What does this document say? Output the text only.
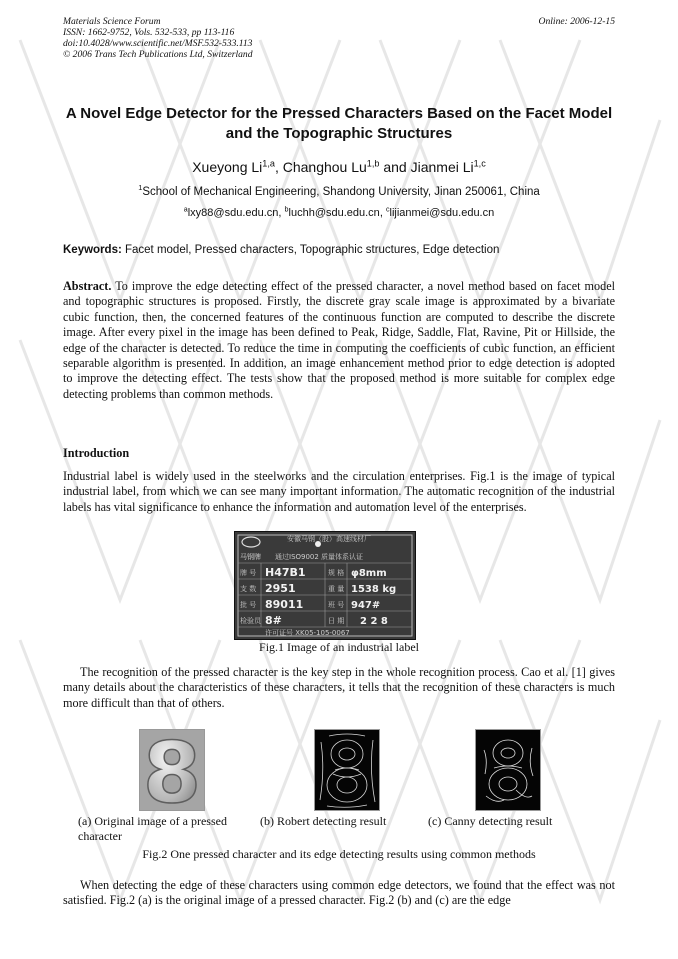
Materials Science Forum
ISSN: 1662-9752, Vols. 532-533, pp 113-116
doi:10.4028/www.scientific.net/MSF.532-533.113
© 2006 Trans Tech Publications Ltd, Switzerland
Online: 2006-12-15
A Novel Edge Detector for the Pressed Characters Based on the Facet Model and the Topographic Structures
Xueyong Li$^{1,a}$, Changhou Lu$^{1,b}$ and Jianmei Li$^{1,c}$
$^1$School of Mechanical Engineering, Shandong University, Jinan 250061, China
$^a$lxy88@sdu.edu.cn, $^b$luchh@sdu.edu.cn, $^c$lijianmei@sdu.edu.cn
Keywords: Facet model, Pressed characters, Topographic structures, Edge detection
Abstract. To improve the edge detecting effect of the pressed character, a novel method based on facet model and topographic structures is proposed. Firstly, the discrete gray scale image is approximated by a bivariate cubic function, then, the concerned features of the continuous function are computed to describe the discrete image. After every pixel in the image has been defined to Peak, Ridge, Saddle, Flat, Ravine, Pit or Hillside, the edge of the character is detected. To reduce the time in computing the coefficients of cubic function, an efficient separable algorithm is presented. In addition, an image enhancement method prior to edge detection is adopted to improve the detecting effect. The tests show that the proposed method is more suitable for complex edge detecting problems than common methods.
Introduction
Industrial label is widely used in the steelworks and the circulation enterprises. Fig.1 is the image of typical industrial label, from which we can see many important information. The automatic recognition of the industrial labels has vital significance to enhance the information and automation level of the enterprises.
马钢牌
安徽马钢（股）高速线材厂
通过ISO9002 质量体系认证
牌 号 H47B1	规 格 φ8mm
支 数 2951	重 量 1538 kg
批 号 89011	班 号 947#
检验员 8#	日 期 2 2 8
许可证号 XK05-105-0067
Fig.1 Image of an industrial label
The recognition of the pressed character is the key step in the whole recognition process. Cao et al. [1] gives many details about the characteristics of these characters, it tells that the recognition of these characters is much more difficult than that of others.
8
(a) Original image of a pressed character
(b) Robert detecting result	(c) Canny detecting result
Fig.2 One pressed character and its edge detecting results using common methods
When detecting the edge of these characters using common edge detectors, we found that the effect was not satisfied. Fig.2 (a) is the original image of a pressed character. Fig.2 (b) and (c) are the edge
